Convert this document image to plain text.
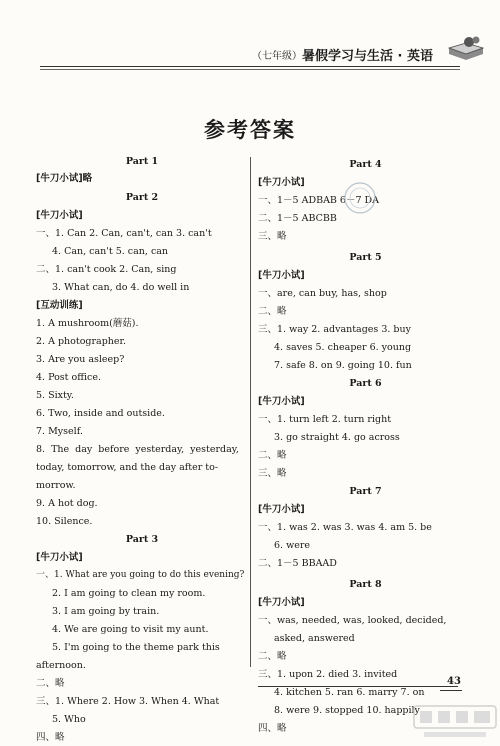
（七年级） 暑假学习与生活 · 英语
参考答案
Part 1
[牛刀小试]略
Part 2
[牛刀小试]
一、1. Can 2. Can, can't, can 3. can't
4. Can, can't 5. can, can
二、1. can't cook 2. Can, sing
3. What can, do 4. do well in
[互动训练]
1. A mushroom(蘑菇).
2. A photographer.
3. Are you asleep?
4. Post office.
5. Sixty.
6. Two, inside and outside.
7. Myself.
8. The day before yesterday, yesterday,
today, tomorrow, and the day after to-
morrow.
9. A hot dog.
10. Silence.
Part 3
[牛刀小试]
一、1. What are you going to do this evening?
2. I am going to clean my room.
3. I am going by train.
4. We are going to visit my aunt.
5. I'm going to the theme park this
afternoon.
二、略
三、1. Where 2. How 3. When 4. What
5. Who
四、略
Part 4
[牛刀小试]
一、1－5 ADBAB 6－7 DA
二、1－5 ABCBB
三、略
Part 5
[牛刀小试]
一、are, can buy, has, shop
二、略
三、1. way 2. advantages 3. buy
4. saves 5. cheaper 6. young
7. safe 8. on 9. going 10. fun
Part 6
[牛刀小试]
一、1. turn left 2. turn right
3. go straight 4. go across
二、略
三、略
Part 7
[牛刀小试]
一、1. was 2. was 3. was 4. am 5. be
6. were
二、1－5 BBAAD
Part 8
[牛刀小试]
一、was, needed, was, looked, decided,
asked, answered
二、略
三、1. upon 2. died 3. invited
4. kitchen 5. ran 6. marry 7. on
8. were 9. stopped 10. happily
四、略
43
